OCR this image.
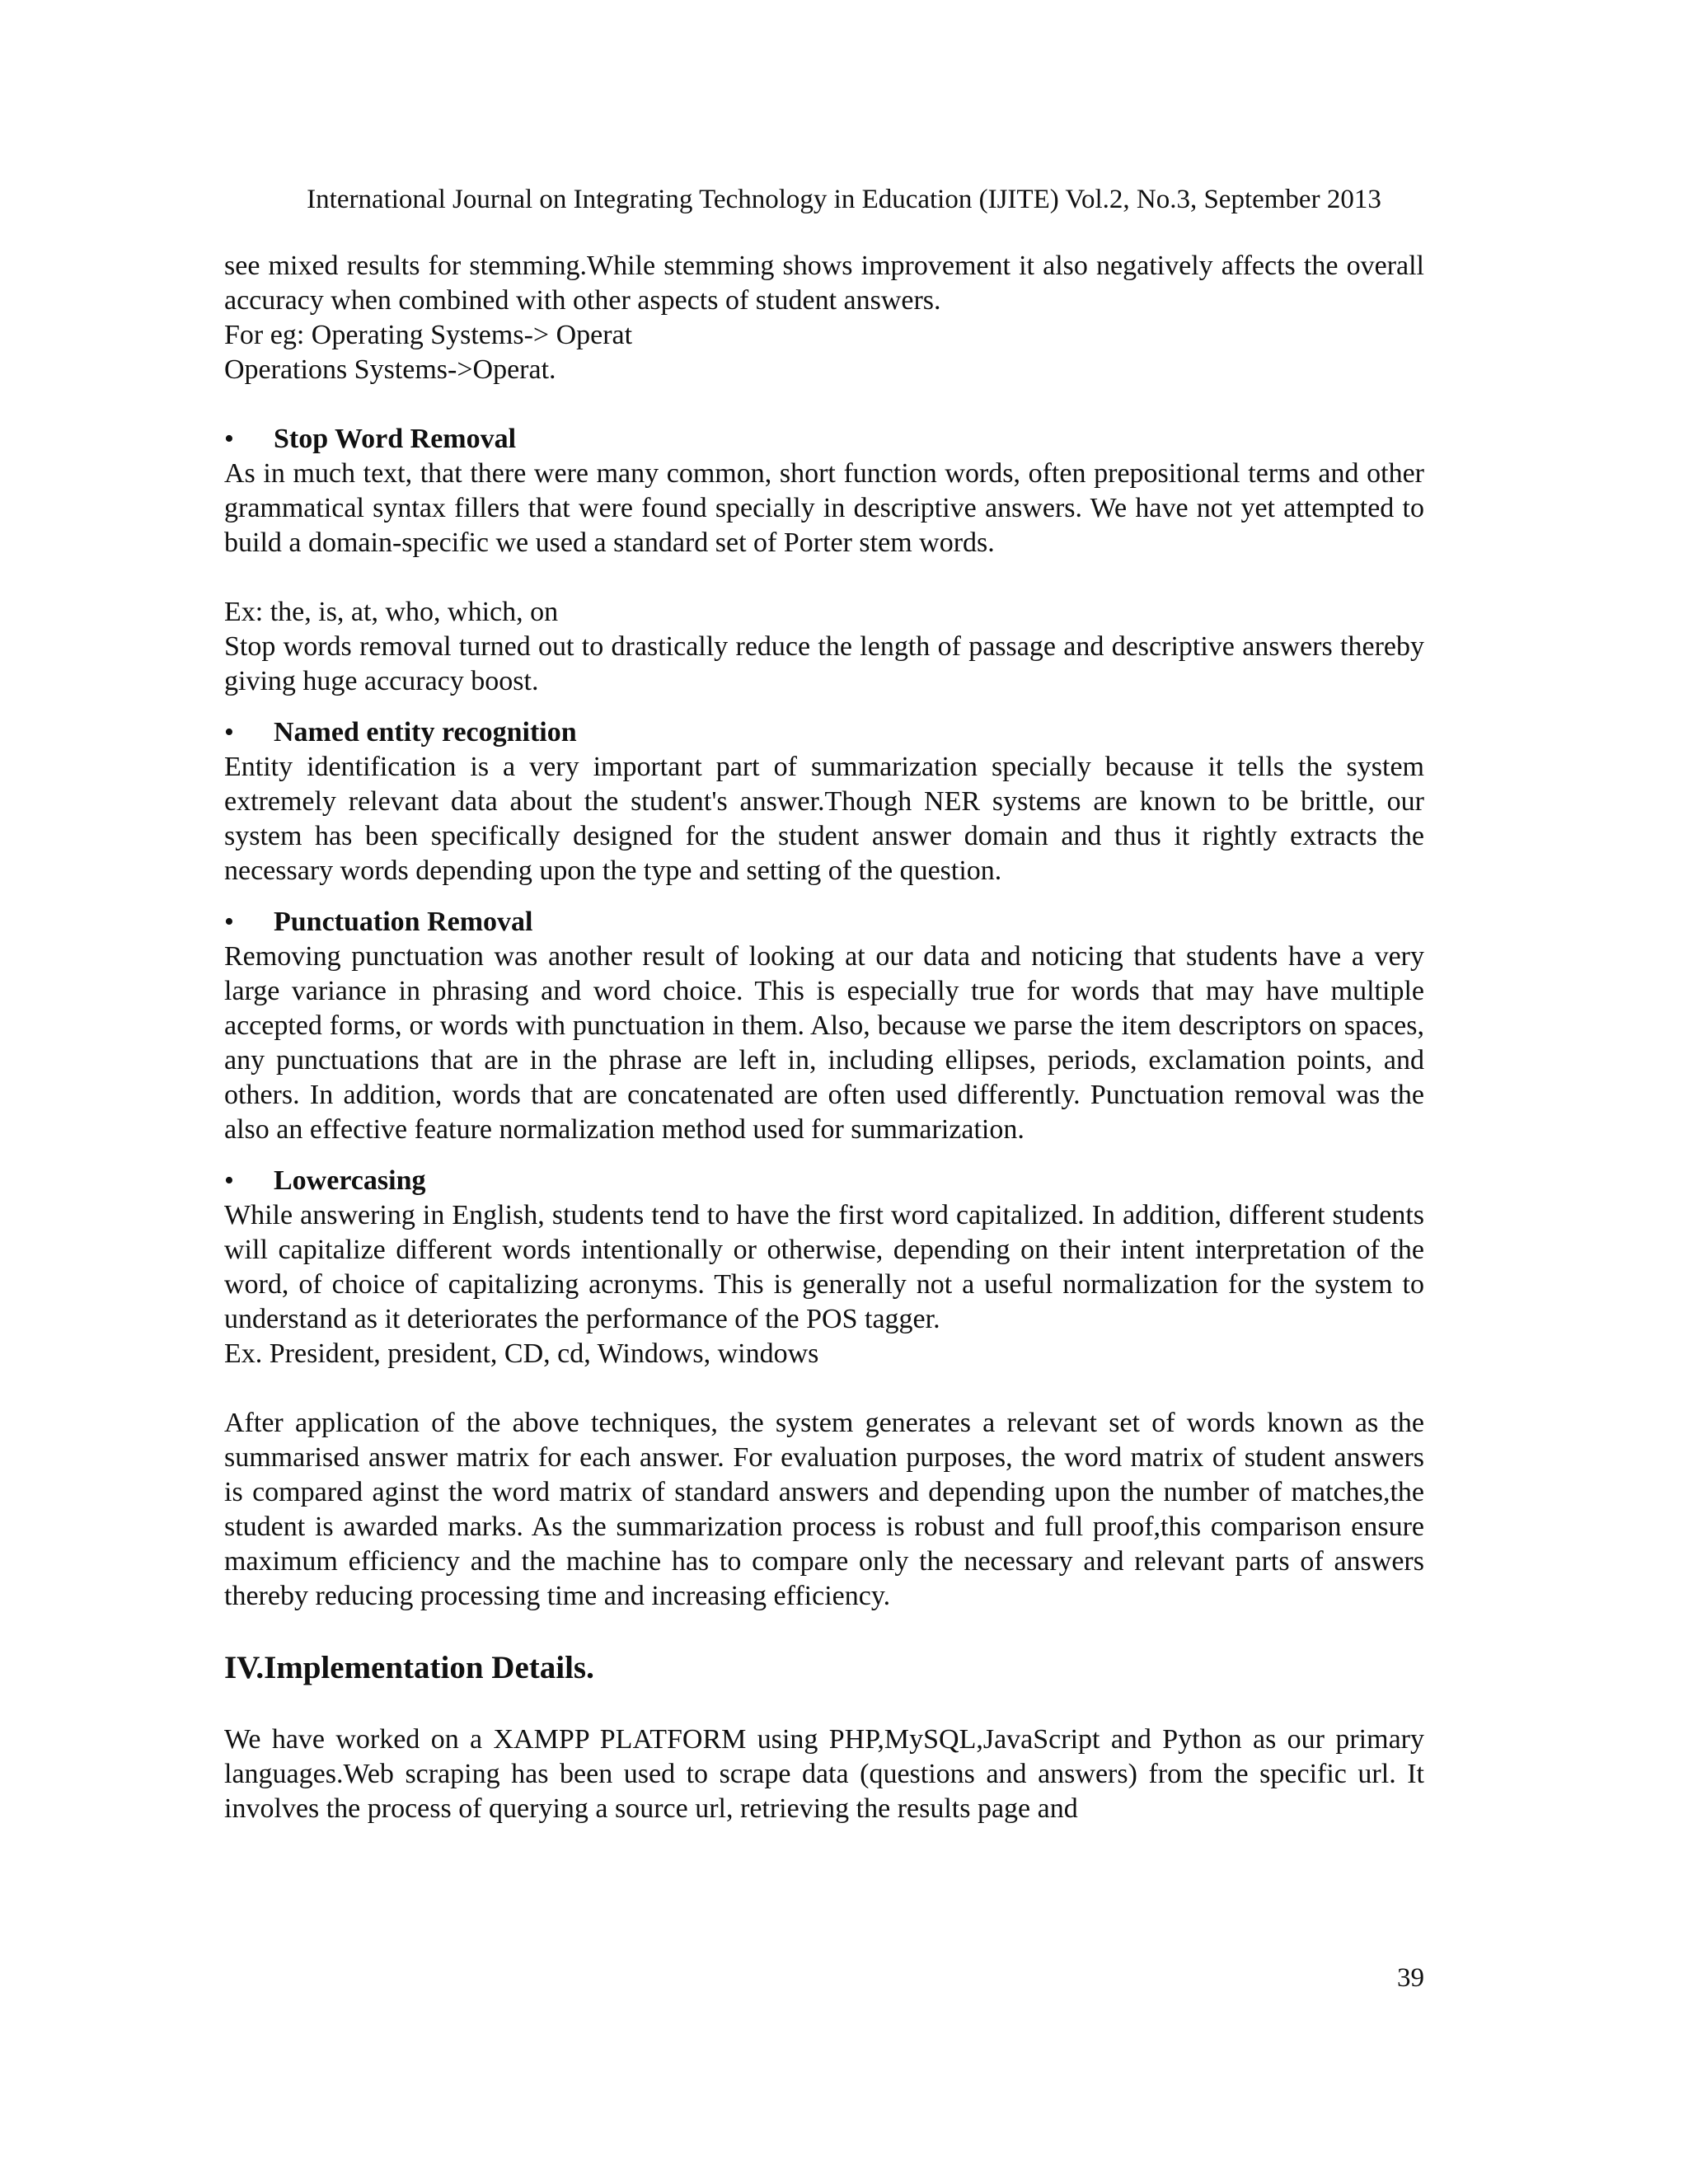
International Journal on Integrating Technology in Education (IJITE) Vol.2, No.3, September 2013

see mixed results for stemming.While stemming shows improvement it also negatively affects the overall accuracy when combined with other aspects of student answers.

For eg: Operating Systems-> Operat
Operations Systems->Operat.
•	Stop Word Removal

As in much text, that there were many common, short function words, often prepositional terms and other grammatical syntax fillers that were found specially in descriptive answers. We have not yet attempted to build a domain-specific we used a standard set of Porter stem words.

Ex: the, is, at, who, which, on

Stop words removal turned out to drastically reduce the length of passage and descriptive answers thereby giving huge accuracy boost.

•	Named entity recognition

Entity identification is a very important part of summarization specially because it tells the system extremely relevant data about the student's answer.Though NER systems are known to be brittle, our system has been specifically designed for the student answer domain and thus it rightly extracts the necessary words depending upon the type and setting of the question.

•	Punctuation Removal

Removing punctuation was another result of looking at our data and noticing that students have a very large variance in phrasing and word choice. This is especially true for words that may have multiple accepted forms, or words with punctuation in them. Also, because we parse the item descriptors on spaces, any punctuations that are in the phrase are left in, including ellipses, periods, exclamation points, and others. In addition, words that are concatenated are often used differently. Punctuation removal was the also an effective feature normalization method used for summarization.

•	Lowercasing

While answering in English, students tend to have the first word capitalized. In addition, different students will capitalize different words intentionally or otherwise, depending on their intent interpretation of the word, of choice of capitalizing acronyms. This is generally not a useful normalization for the system to understand as it deteriorates the performance of the POS tagger.

Ex. President, president, CD, cd, Windows, windows

After application of the above techniques, the system generates a relevant set of words known as the summarised answer matrix for each answer. For evaluation purposes, the word matrix of student answers is compared aginst the word matrix of standard answers and depending upon the number of matches,the student is awarded marks. As the summarization process is robust and full proof,this comparison ensure maximum efficiency and the machine has to compare only the necessary and relevant parts of answers thereby reducing processing time and increasing efficiency.

IV.Implementation Details.

We have worked on a XAMPP PLATFORM using PHP,MySQL,JavaScript and Python as our primary languages.Web scraping has been used to scrape data (questions and answers) from the specific url. It involves the process of querying a source url, retrieving the results page and

39
